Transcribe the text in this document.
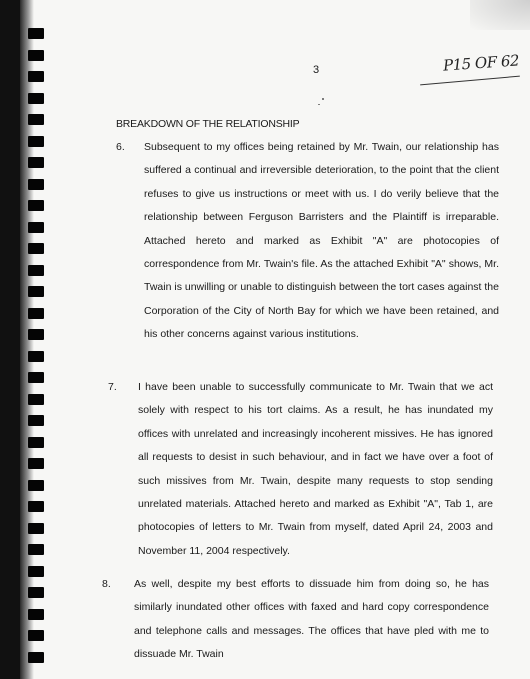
3	P15 OF 62
BREAKDOWN OF THE RELATIONSHIP
6. Subsequent to my offices being retained by Mr. Twain, our relationship has suffered a continual and irreversible deterioration, to the point that the client refuses to give us instructions or meet with us. I do verily believe that the relationship between Ferguson Barristers and the Plaintiff is irreparable. Attached hereto and marked as Exhibit "A" are photocopies of correspondence from Mr. Twain's file. As the attached Exhibit "A" shows, Mr. Twain is unwilling or unable to distinguish between the tort cases against the Corporation of the City of North Bay for which we have been retained, and his other concerns against various institutions.

7. I have been unable to successfully communicate to Mr. Twain that we act solely with respect to his tort claims. As a result, he has inundated my offices with unrelated and increasingly incoherent missives. He has ignored all requests to desist in such behaviour, and in fact we have over a foot of such missives from Mr. Twain, despite many requests to stop sending unrelated materials. Attached hereto and marked as Exhibit "A", Tab 1, are photocopies of letters to Mr. Twain from myself, dated April 24, 2003 and November 11, 2004 respectively.

8. As well, despite my best efforts to dissuade him from doing so, he has similarly inundated other offices with faxed and hard copy correspondence and telephone calls and messages. The offices that have pled with me to dissuade Mr. Twain
